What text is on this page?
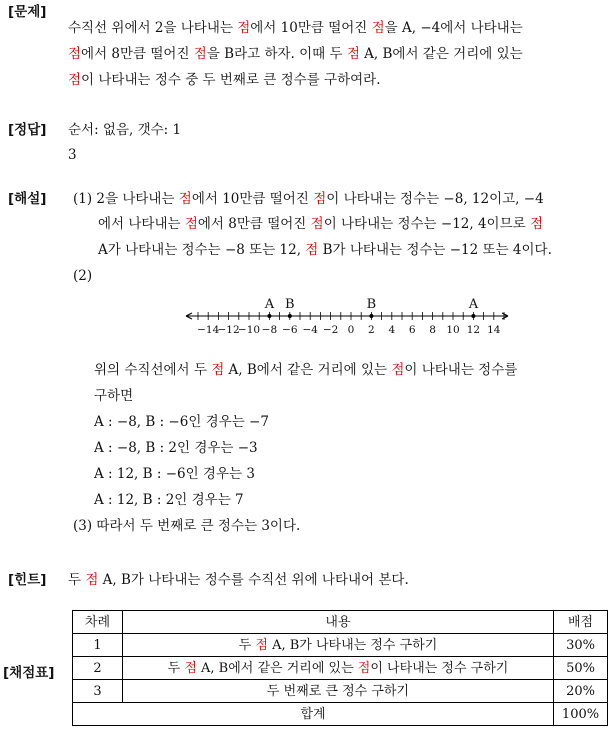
[문제]
[정답]
[해설]
[힌트]
[채점표]
수직선 위에서 2을 나타내는 점에서 10만큼 떨어진 점을 A, −4에서 나타내는
점에서 8만큼 떨어진 점을 B라고 하자. 이때 두 점 A, B에서 같은 거리에 있는
점이 나타내는 정수 중 두 번째로 큰 정수를 구하여라.
순서: 없음, 갯수: 1
3
(1) 2을 나타내는 점에서 10만큼 떨어진 점이 나타내는 정수는 −8, 12이고, −4
에서 나타내는 점에서 8만큼 떨어진 점이 나타내는 정수는 −12, 4이므로 점
A가 나타내는 정수는 −8 또는 12, 점 B가 나타내는 정수는 −12 또는 4이다.
(2)
−14
−12
−10 −8 −6 −4 −2 0 2 4 6 8 10 12 14
A B	B	A
위의 수직선에서 두 점 A, B에서 같은 거리에 있는 점이 나타내는 정수를
구하면
A : −8, B : −6인 경우는 −7
A : −8, B : 2인 경우는 −3
A : 12, B : −6인 경우는 3
A : 12, B : 2인 경우는 7
(3) 따라서 두 번째로 큰 정수는 3이다.
두 점 A, B가 나타내는 정수를 수직선 위에 나타내어 본다.
차례	내용	배점
1	두 점 A, B가 나타내는 정수 구하기	30%
2	두 점 A, B에서 같은 거리에 있는 점이 나타내는 정수 구하기	50%
3	두 번째로 큰 정수 구하기	20%
합계		100%
